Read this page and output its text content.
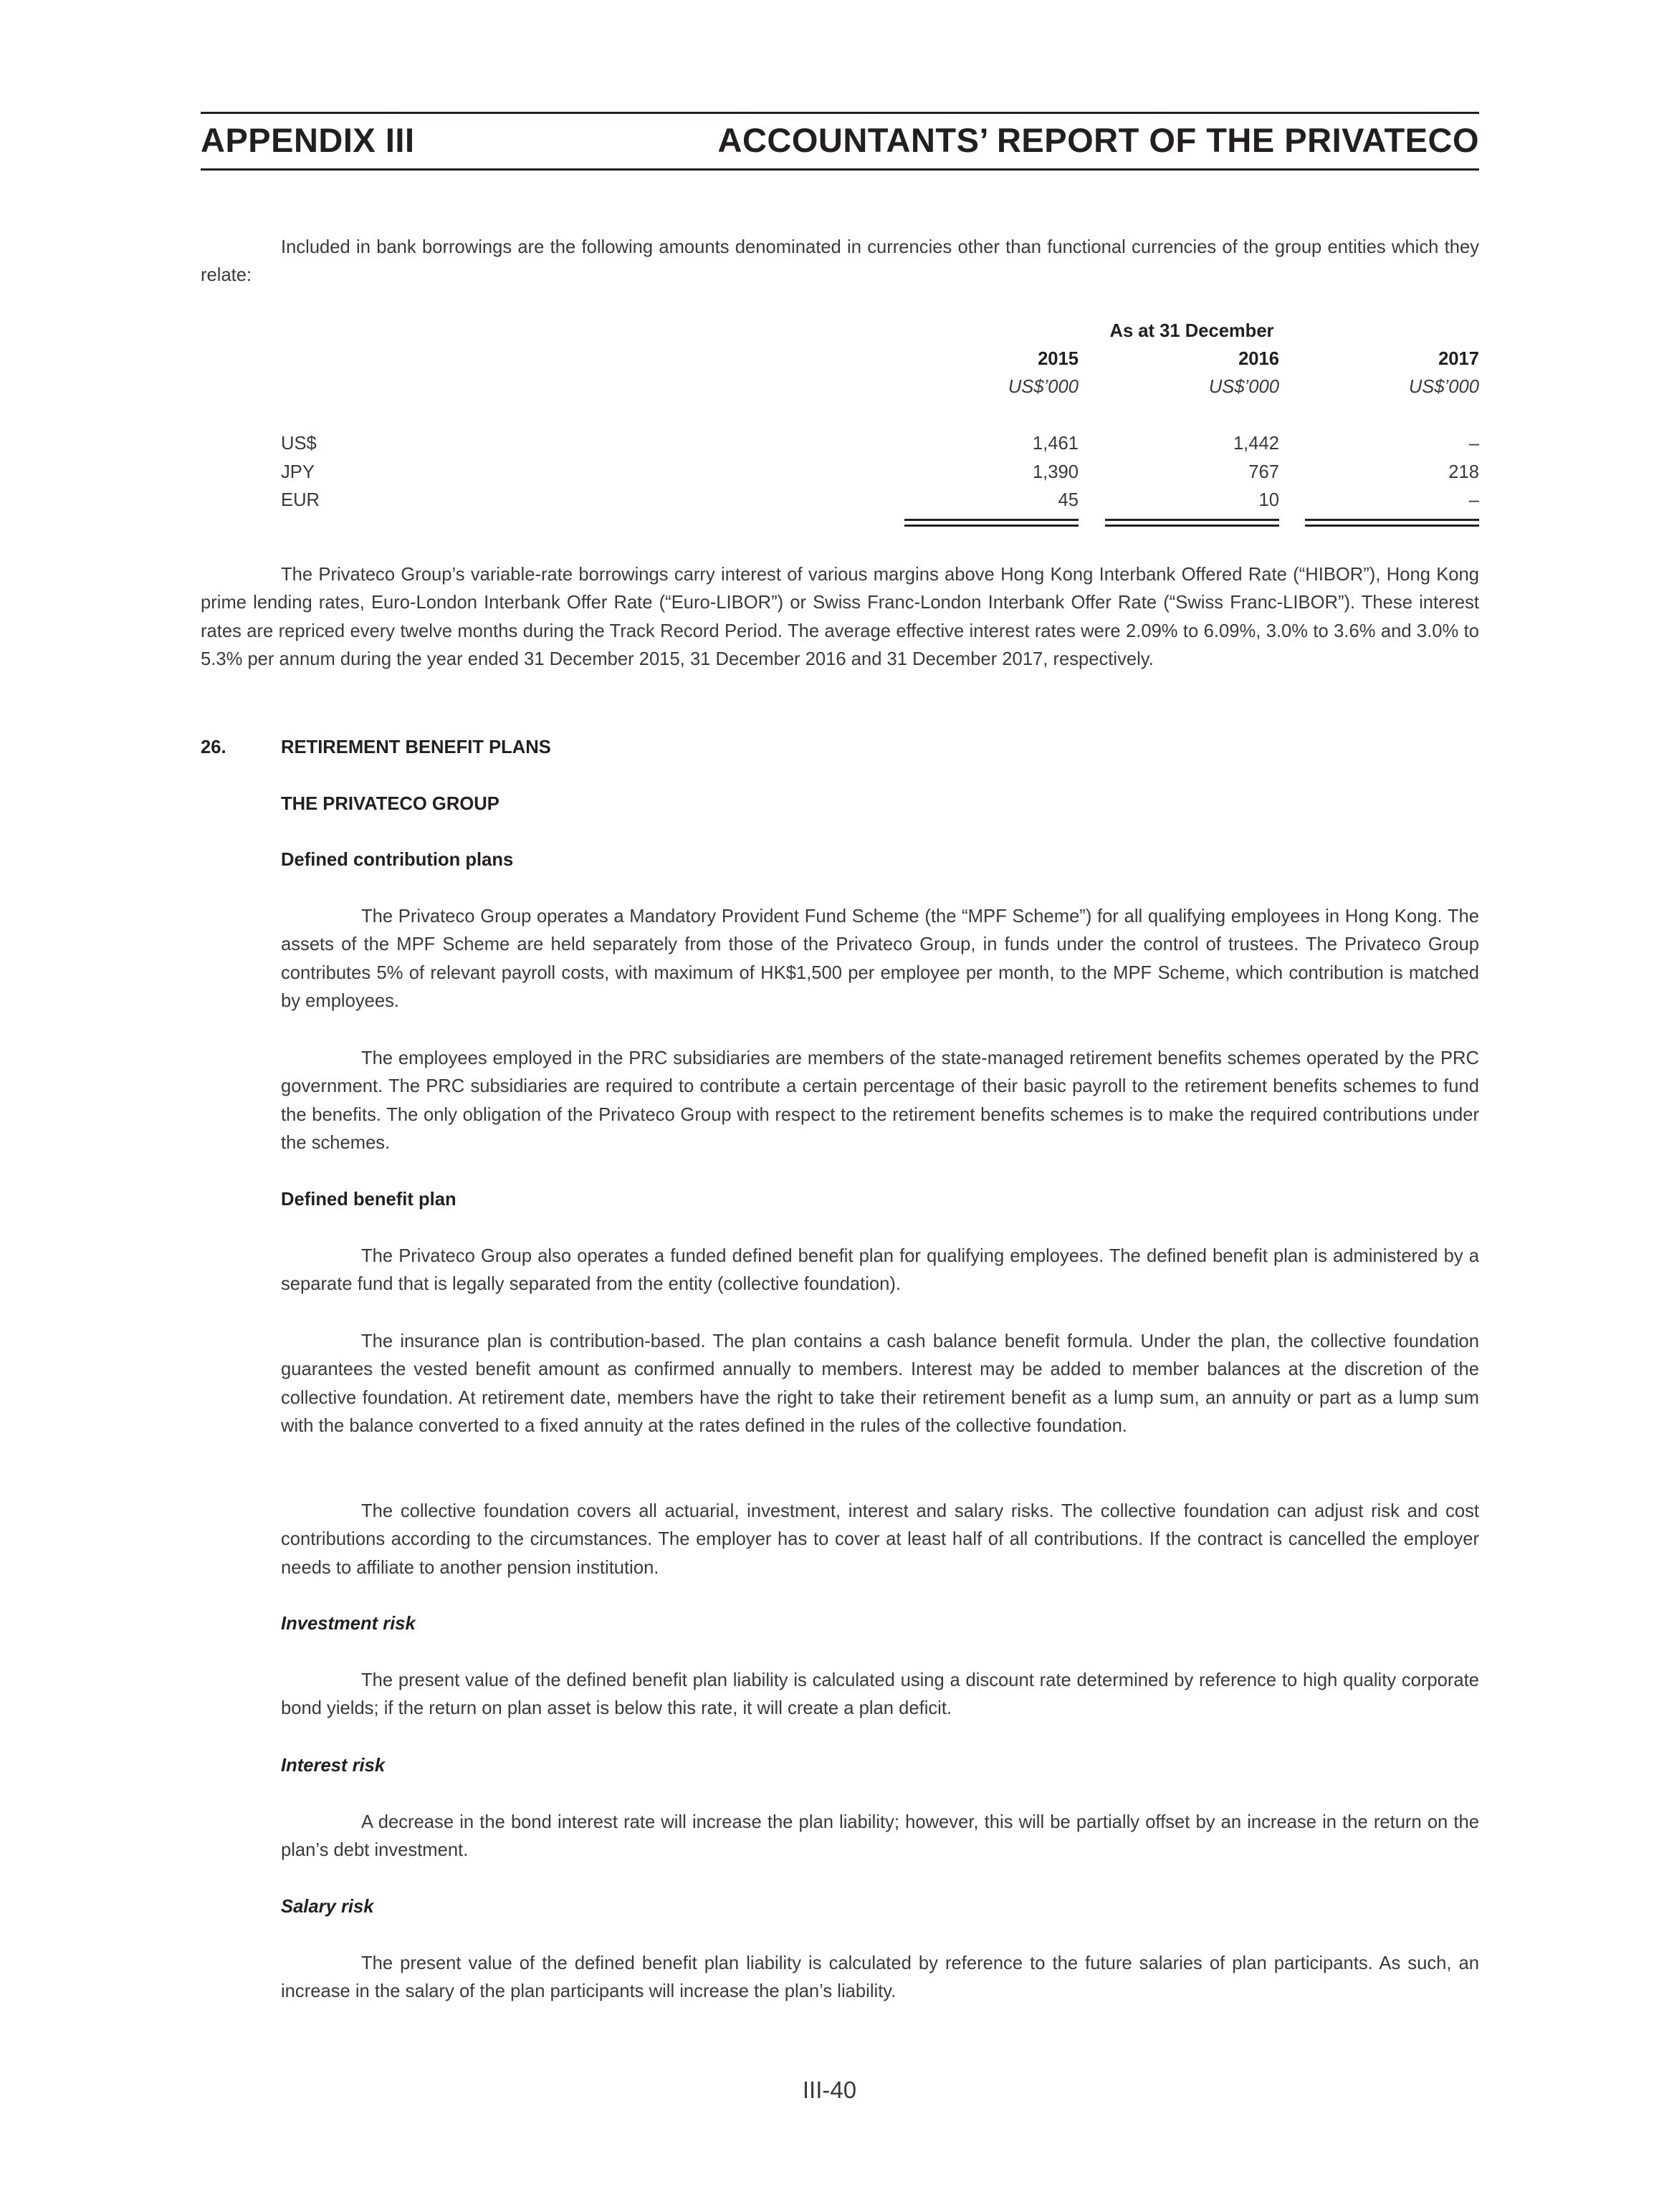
APPENDIX III	ACCOUNTANTS’ REPORT OF THE PRIVATECO

Included in bank borrowings are the following amounts denominated in currencies other than functional currencies of the group entities which they relate:

As at 31 December
2015	2016	2017
US$’000	US$’000	US$’000
US$	1,461	1,442	–
JPY	1,390	767	218
EUR	45	10	–

The Privateco Group’s variable-rate borrowings carry interest of various margins above Hong Kong Interbank Offered Rate (“HIBOR”), Hong Kong prime lending rates, Euro-London Interbank Offer Rate (“Euro-LIBOR”) or Swiss Franc-London Interbank Offer Rate (“Swiss Franc-LIBOR”). These interest rates are repriced every twelve months during the Track Record Period. The average effective interest rates were 2.09% to 6.09%, 3.0% to 3.6% and 3.0% to 5.3% per annum during the year ended 31 December 2015, 31 December 2016 and 31 December 2017, respectively.

26.	RETIREMENT BENEFIT PLANS
THE PRIVATECO GROUP
Defined contribution plans

The Privateco Group operates a Mandatory Provident Fund Scheme (the “MPF Scheme”) for all qualifying employees in Hong Kong. The assets of the MPF Scheme are held separately from those of the Privateco Group, in funds under the control of trustees. The Privateco Group contributes 5% of relevant payroll costs, with maximum of HK$1,500 per employee per month, to the MPF Scheme, which contribution is matched by employees.

The employees employed in the PRC subsidiaries are members of the state-managed retirement benefits schemes operated by the PRC government. The PRC subsidiaries are required to contribute a certain percentage of their basic payroll to the retirement benefits schemes to fund the benefits. The only obligation of the Privateco Group with respect to the retirement benefits schemes is to make the required contributions under the schemes.

Defined benefit plan

The Privateco Group also operates a funded defined benefit plan for qualifying employees. The defined benefit plan is administered by a separate fund that is legally separated from the entity (collective foundation).

The insurance plan is contribution-based. The plan contains a cash balance benefit formula. Under the plan, the collective foundation guarantees the vested benefit amount as confirmed annually to members. Interest may be added to member balances at the discretion of the collective foundation. At retirement date, members have the right to take their retirement benefit as a lump sum, an annuity or part as a lump sum with the balance converted to a fixed annuity at the rates defined in the rules of the collective foundation.

The collective foundation covers all actuarial, investment, interest and salary risks. The collective foundation can adjust risk and cost contributions according to the circumstances. The employer has to cover at least half of all contributions. If the contract is cancelled the employer needs to affiliate to another pension institution.

Investment risk

The present value of the defined benefit plan liability is calculated using a discount rate determined by reference to high quality corporate bond yields; if the return on plan asset is below this rate, it will create a plan deficit.

Interest risk

A decrease in the bond interest rate will increase the plan liability; however, this will be partially offset by an increase in the return on the plan’s debt investment.

Salary risk

The present value of the defined benefit plan liability is calculated by reference to the future salaries of plan participants. As such, an increase in the salary of the plan participants will increase the plan’s liability.

III-40
